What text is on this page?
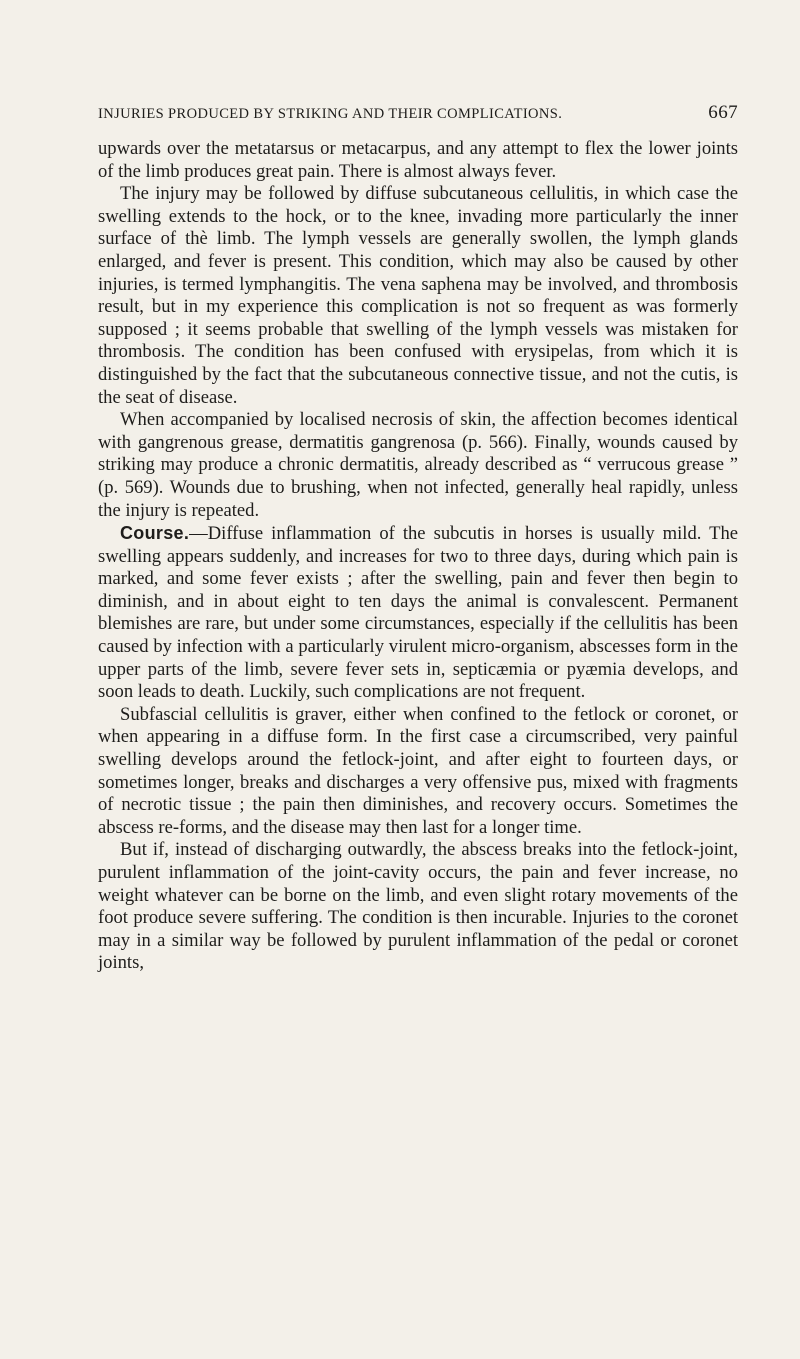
INJURIES PRODUCED BY STRIKING AND THEIR COMPLICATIONS.	667

upwards over the metatarsus or metacarpus, and any attempt to flex the lower joints of the limb produces great pain. There is almost always fever.

The injury may be followed by diffuse subcutaneous cellulitis, in which case the swelling extends to the hock, or to the knee, invading more particularly the inner surface of thè limb. The lymph vessels are generally swollen, the lymph glands enlarged, and fever is present. This condition, which may also be caused by other injuries, is termed lymphangitis. The vena saphena may be involved, and thrombosis result, but in my experience this complication is not so frequent as was formerly supposed ; it seems probable that swelling of the lymph vessels was mistaken for thrombosis. The condition has been confused with erysipelas, from which it is distinguished by the fact that the subcutaneous connective tissue, and not the cutis, is the seat of disease.

When accompanied by localised necrosis of skin, the affection becomes identical with gangrenous grease, dermatitis gangrenosa (p. 566). Finally, wounds caused by striking may produce a chronic dermatitis, already described as “ verrucous grease ” (p. 569). Wounds due to brushing, when not infected, generally heal rapidly, unless the injury is repeated.

Course.—Diffuse inflammation of the subcutis in horses is usually mild. The swelling appears suddenly, and increases for two to three days, during which pain is marked, and some fever exists ; after the swelling, pain and fever then begin to diminish, and in about eight to ten days the animal is convalescent. Permanent blemishes are rare, but under some circumstances, especially if the cellulitis has been caused by infection with a particularly virulent micro-organism, abscesses form in the upper parts of the limb, severe fever sets in, septicæmia or pyæmia develops, and soon leads to death. Luckily, such complications are not frequent.

Subfascial cellulitis is graver, either when confined to the fetlock or coronet, or when appearing in a diffuse form. In the first case a circumscribed, very painful swelling develops around the fetlock-joint, and after eight to fourteen days, or sometimes longer, breaks and discharges a very offensive pus, mixed with fragments of necrotic tissue ; the pain then diminishes, and recovery occurs. Sometimes the abscess re-forms, and the disease may then last for a longer time.

But if, instead of discharging outwardly, the abscess breaks into the fetlock-joint, purulent inflammation of the joint-cavity occurs, the pain and fever increase, no weight whatever can be borne on the limb, and even slight rotary movements of the foot produce severe suffering. The condition is then incurable. Injuries to the coronet may in a similar way be followed by purulent inflammation of the pedal or coronet joints,
